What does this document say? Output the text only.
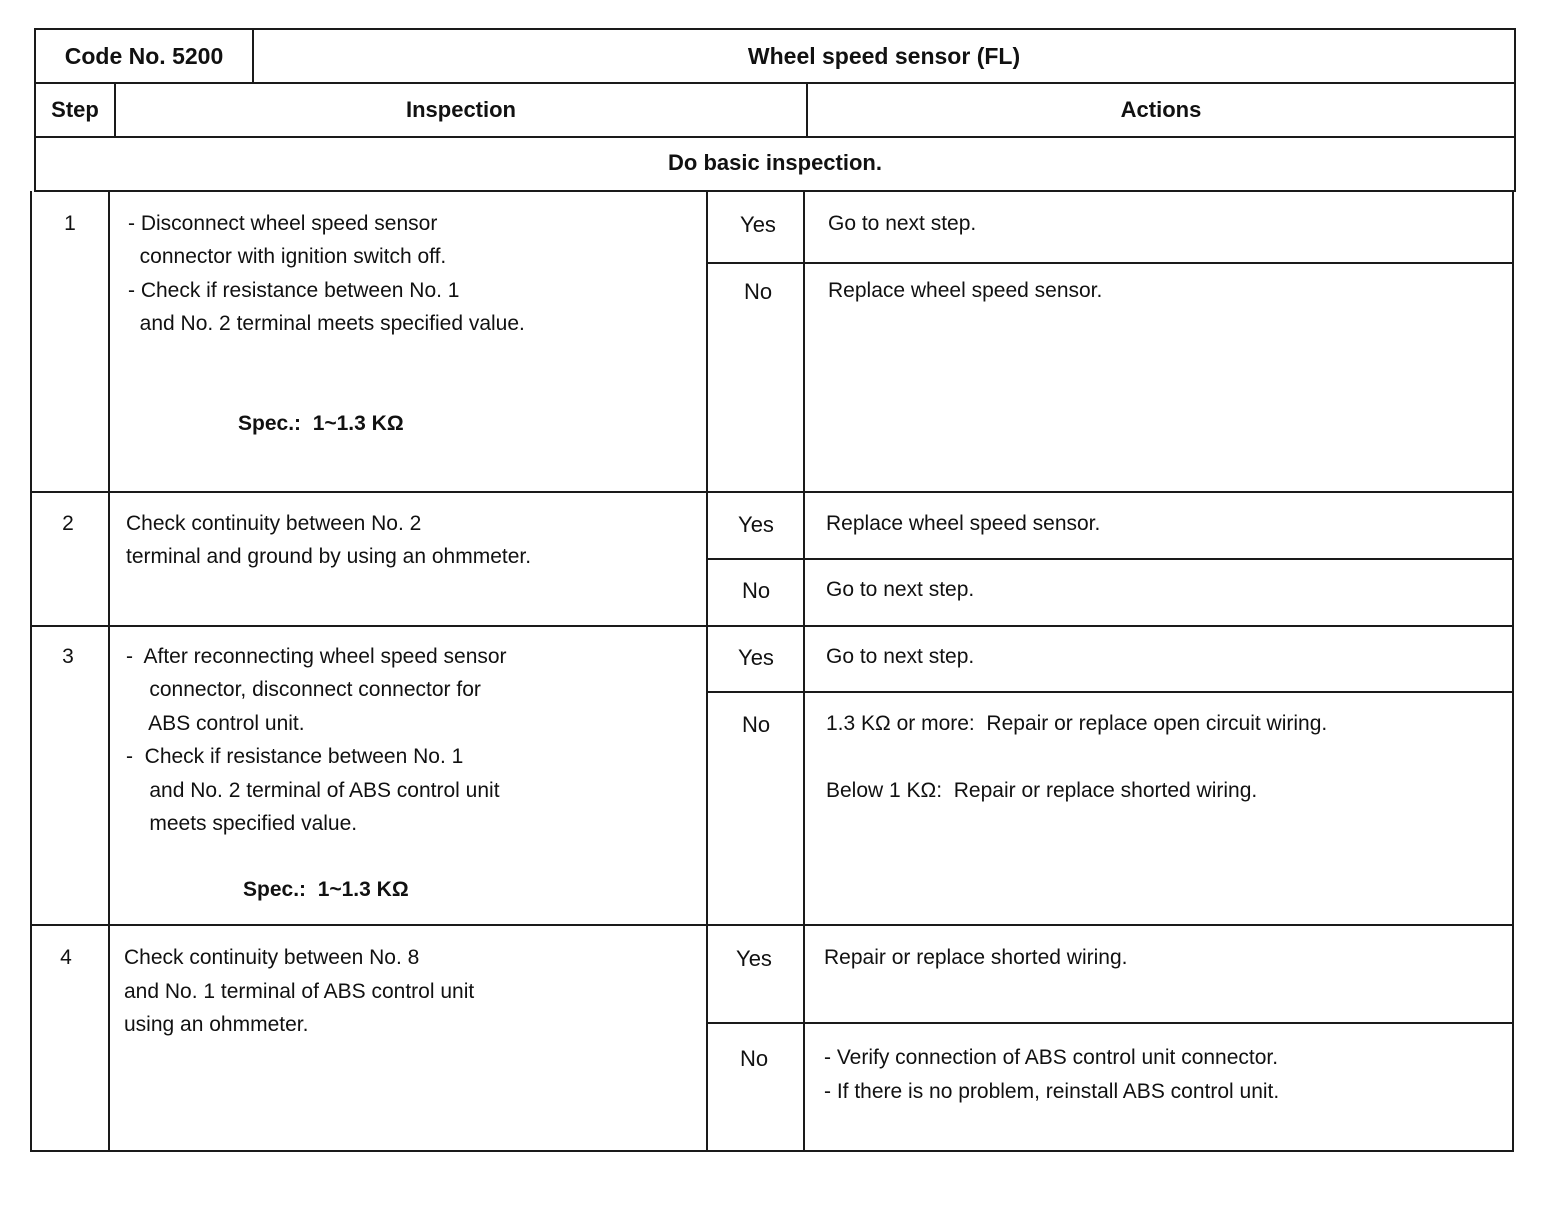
Code No. 5200	Wheel speed sensor (FL)
Step	Inspection	Actions
Do basic inspection.
1	- Disconnect wheel speed sensor
connector with ignition switch off.
- Check if resistance between No. 1
and No. 2 terminal meets specified value.
Spec.:  1~1.3 KΩ
Yes	Go to next step.
No	Replace wheel speed sensor.
2	Check continuity between No. 2
terminal and ground by using an ohmmeter.
Yes	Replace wheel speed sensor.
No	Go to next step.
3	-  After reconnecting wheel speed sensor
connector, disconnect connector for
ABS control unit.
-  Check if resistance between No. 1
and No. 2 terminal of ABS control unit
meets specified value.
Spec.:  1~1.3 KΩ
Yes	Go to next step.
No	1.3 KΩ or more:  Repair or replace open circuit wiring.
Below 1 KΩ:  Repair or replace shorted wiring.
4	Check continuity between No. 8
and No. 1 terminal of ABS control unit
using an ohmmeter.
Yes	Repair or replace shorted wiring.
No	- Verify connection of ABS control unit connector.
- If there is no problem, reinstall ABS control unit.
